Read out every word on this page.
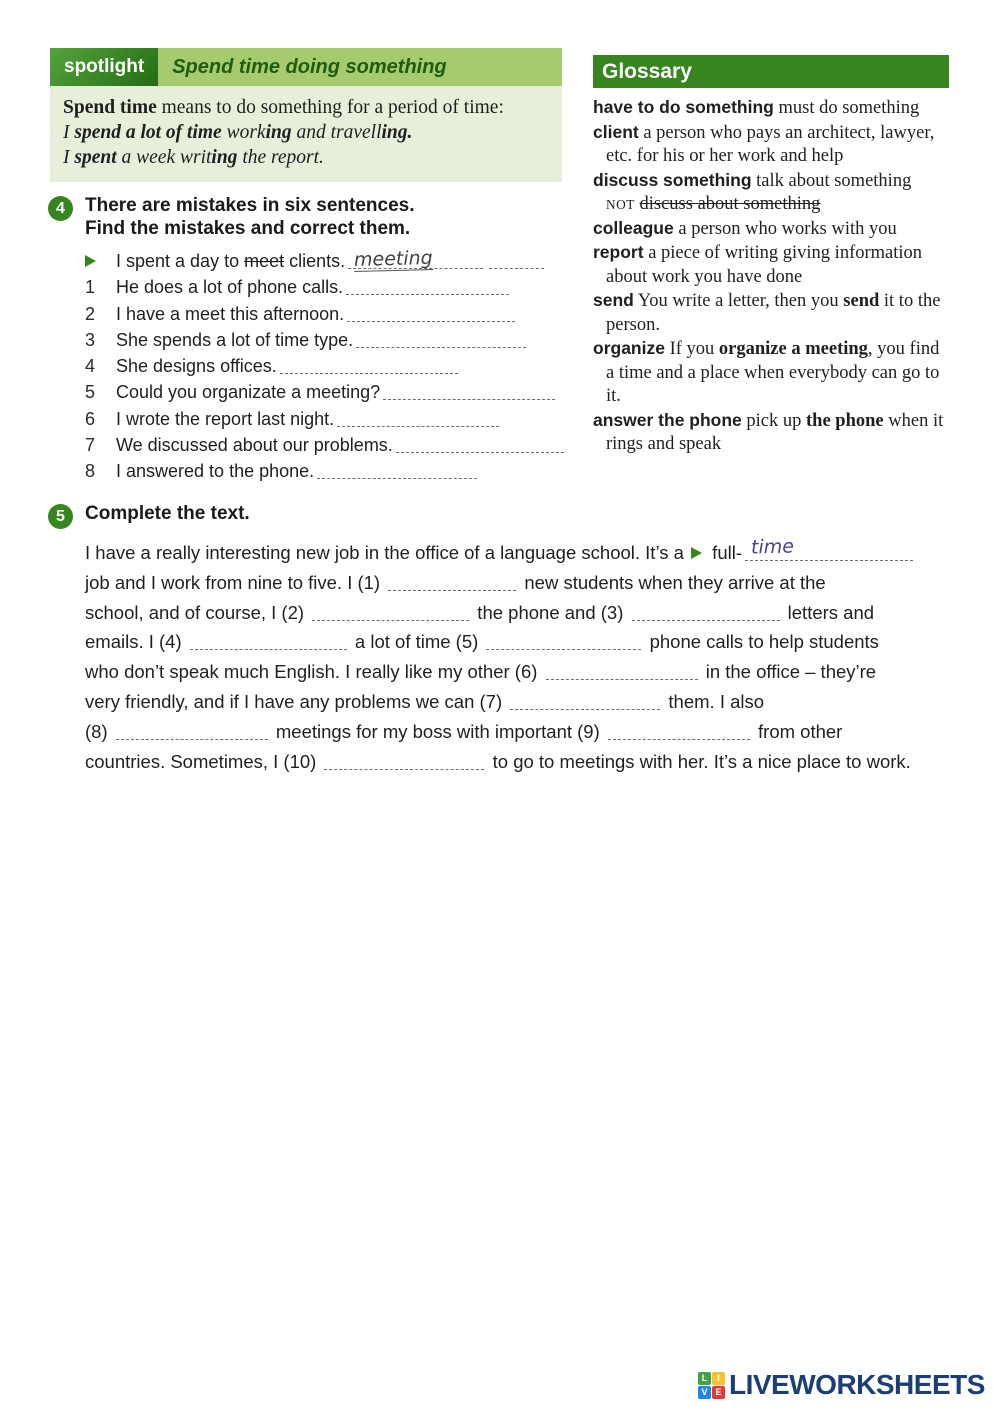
spotlight	Spend time doing something
Spend time means to do something for a period of time:
I spend a lot of time working and travelling.
I spent a week writing the report.
Glossary
have to do something must do something
client a person who pays an architect, lawyer, etc. for his or her work and help
discuss something talk about something
NOT discuss about something
colleague a person who works with you
report a piece of writing giving information about work you have done
send You write a letter, then you send it to the person.
organize If you organize a meeting, you find a time and a place when everybody can go to it.
answer the phone pick up the phone when it rings and speak
4	There are mistakes in six sentences.
Find the mistakes and correct them.
I spent a day to meet clients. meeting
1	He does a lot of phone calls.
2	I have a meet this afternoon.
3	She spends a lot of time type.
4	She designs offices.
5	Could you organizate a meeting?
6	I wrote the report last night.
7	We discussed about our problems.
8	I answered to the phone.
5	Complete the text.
I have a really interesting new job in the office of a language school. It’s a  full- time
job and I work from nine to five. I (1)	new students when they arrive at the
school, and of course, I (2)	the phone and (3)	letters and
emails. I (4)	a lot of time (5)	phone calls to help students
who don’t speak much English. I really like my other (6)	in the office – they’re
very friendly, and if I have any problems we can (7)	them. I also
(8)	meetings for my boss with important (9)	from other
countries. Sometimes, I (10)	to go to meetings with her. It’s a nice place to work.
L	I
V E LIVEWORKSHEETS
